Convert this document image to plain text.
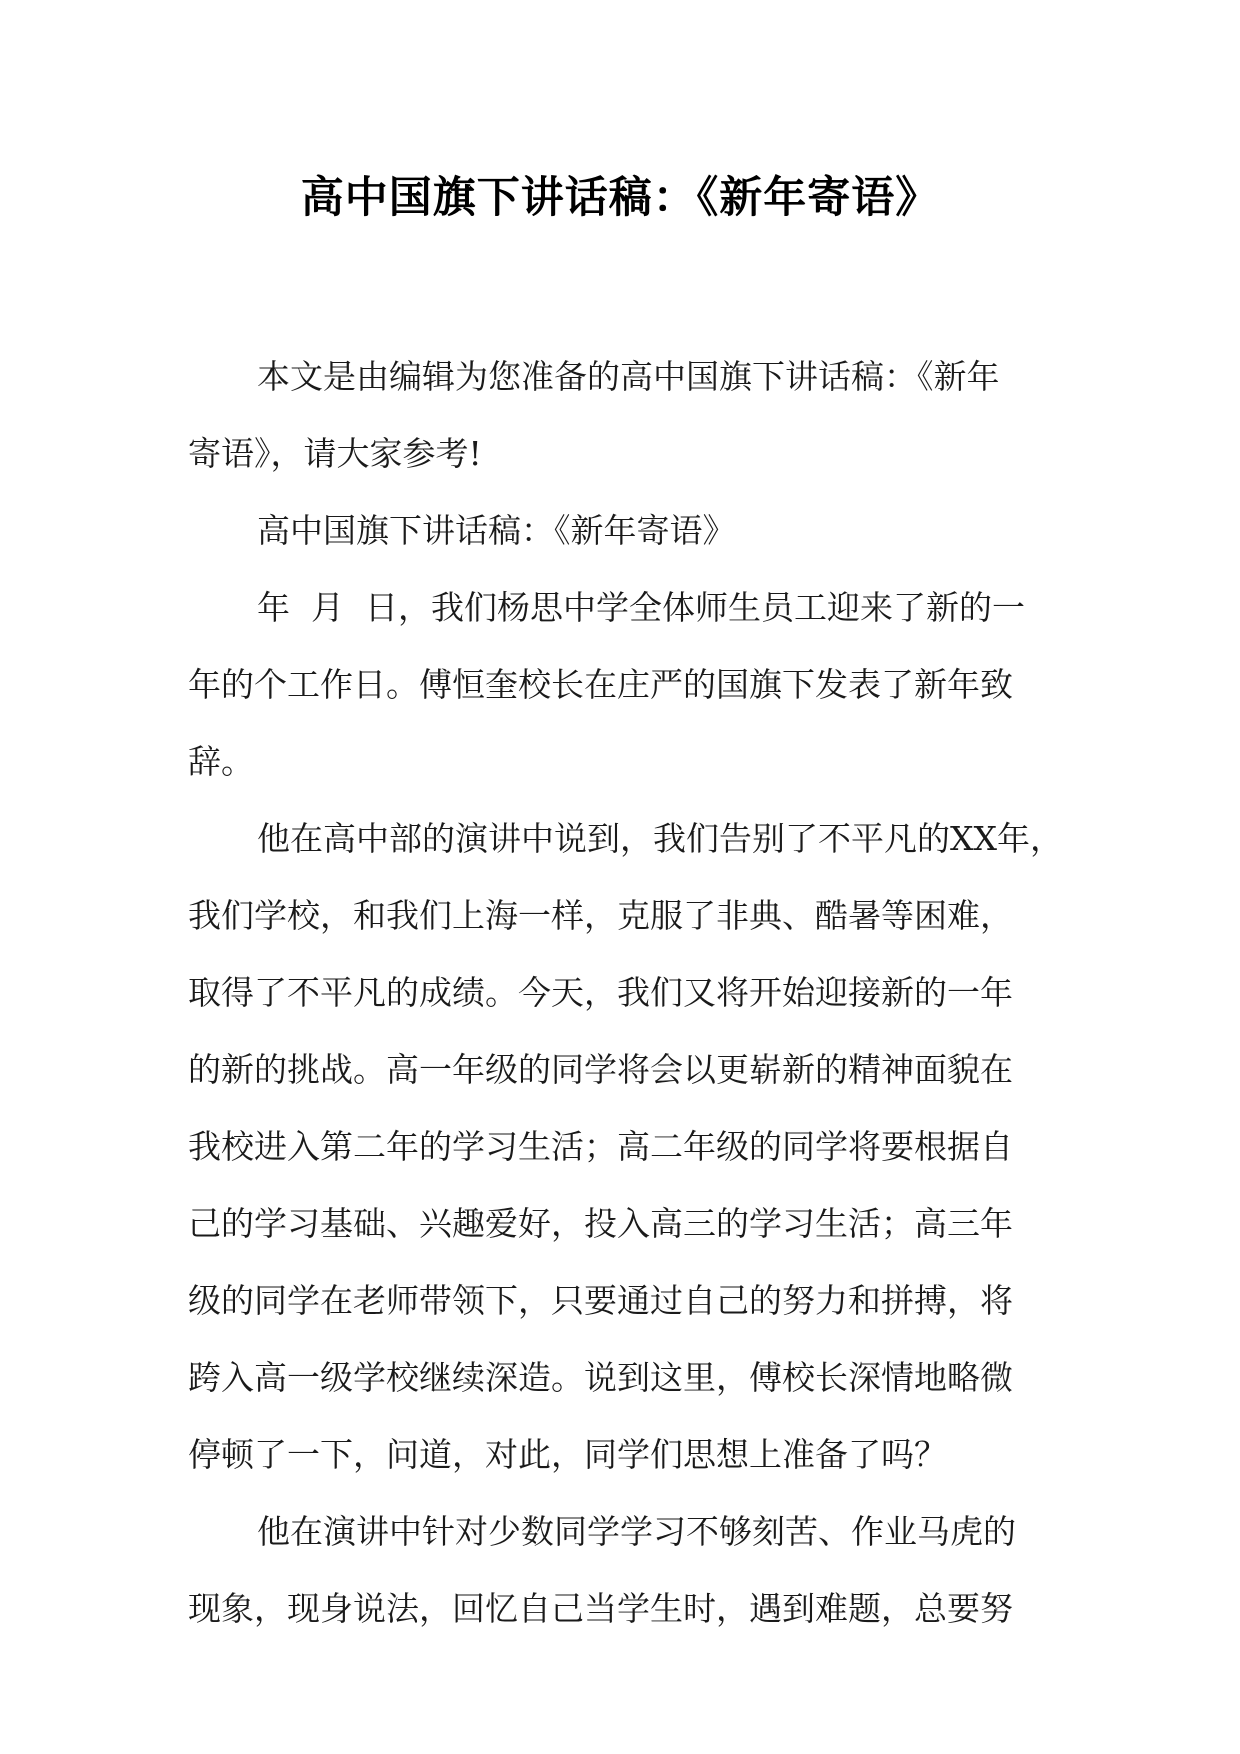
高中国旗下讲话稿：《新年寄语》
本文是由编辑为您准备的高中国旗下讲话稿：《新年
寄语》，请大家参考!
高中国旗下讲话稿：《新年寄语》
年  月  日，我们杨思中学全体师生员工迎来了新的一
年的个工作日。傅恒奎校长在庄严的国旗下发表了新年致
辞。
他在高中部的演讲中说到，我们告别了不平凡的XX年，
我们学校，和我们上海一样，克服了非典、酷暑等困难，
取得了不平凡的成绩。今天，我们又将开始迎接新的一年
的新的挑战。高一年级的同学将会以更崭新的精神面貌在
我校进入第二年的学习生活；高二年级的同学将要根据自
己的学习基础、兴趣爱好，投入高三的学习生活；高三年
级的同学在老师带领下，只要通过自己的努力和拼搏，将
跨入高一级学校继续深造。说到这里，傅校长深情地略微
停顿了一下，问道，对此，同学们思想上准备了吗？
他在演讲中针对少数同学学习不够刻苦、作业马虎的
现象，现身说法，回忆自己当学生时，遇到难题，总要努
